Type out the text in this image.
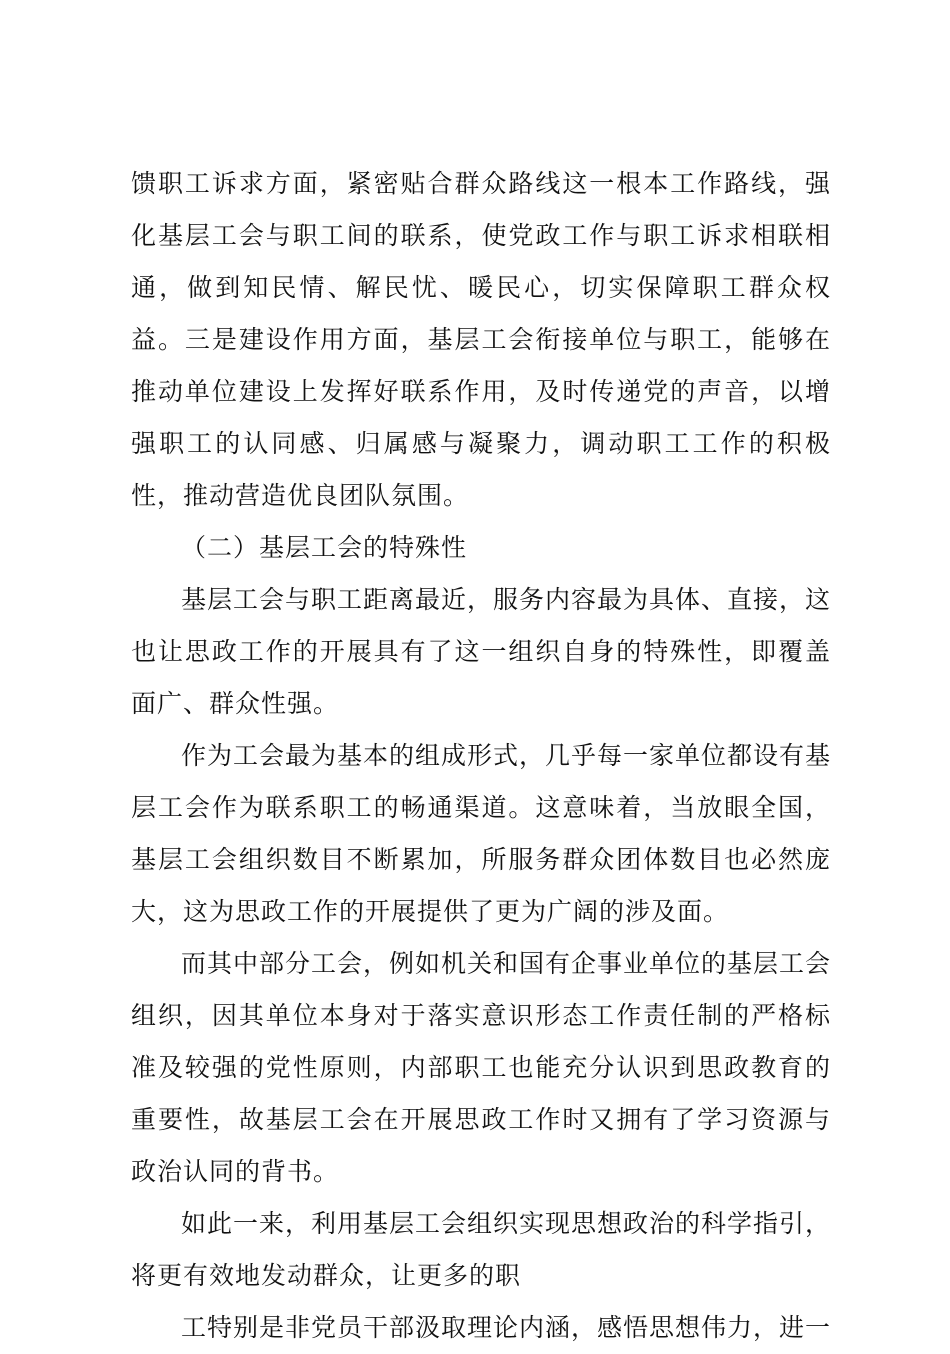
馈职工诉求方面，紧密贴合群众路线这一根本工作路线，强化基层工会与职工间的联系，使党政工作与职工诉求相联相通，做到知民情、解民忧、暖民心，切实保障职工群众权益。三是建设作用方面，基层工会衔接单位与职工，能够在推动单位建设上发挥好联系作用，及时传递党的声音，以增强职工的认同感、归属感与凝聚力，调动职工工作的积极性，推动营造优良团队氛围。

（二）基层工会的特殊性

基层工会与职工距离最近，服务内容最为具体、直接，这也让思政工作的开展具有了这一组织自身的特殊性，即覆盖面广、群众性强。

作为工会最为基本的组成形式，几乎每一家单位都设有基层工会作为联系职工的畅通渠道。这意味着，当放眼全国，基层工会组织数目不断累加，所服务群众团体数目也必然庞大，这为思政工作的开展提供了更为广阔的涉及面。

而其中部分工会，例如机关和国有企事业单位的基层工会组织，因其单位本身对于落实意识形态工作责任制的严格标准及较强的党性原则，内部职工也能充分认识到思政教育的重要性，故基层工会在开展思政工作时又拥有了学习资源与政治认同的背书。

如此一来，利用基层工会组织实现思想政治的科学指引，将更有效地发动群众，让更多的职

工特别是非党员干部汲取理论内涵，感悟思想伟力，进一
